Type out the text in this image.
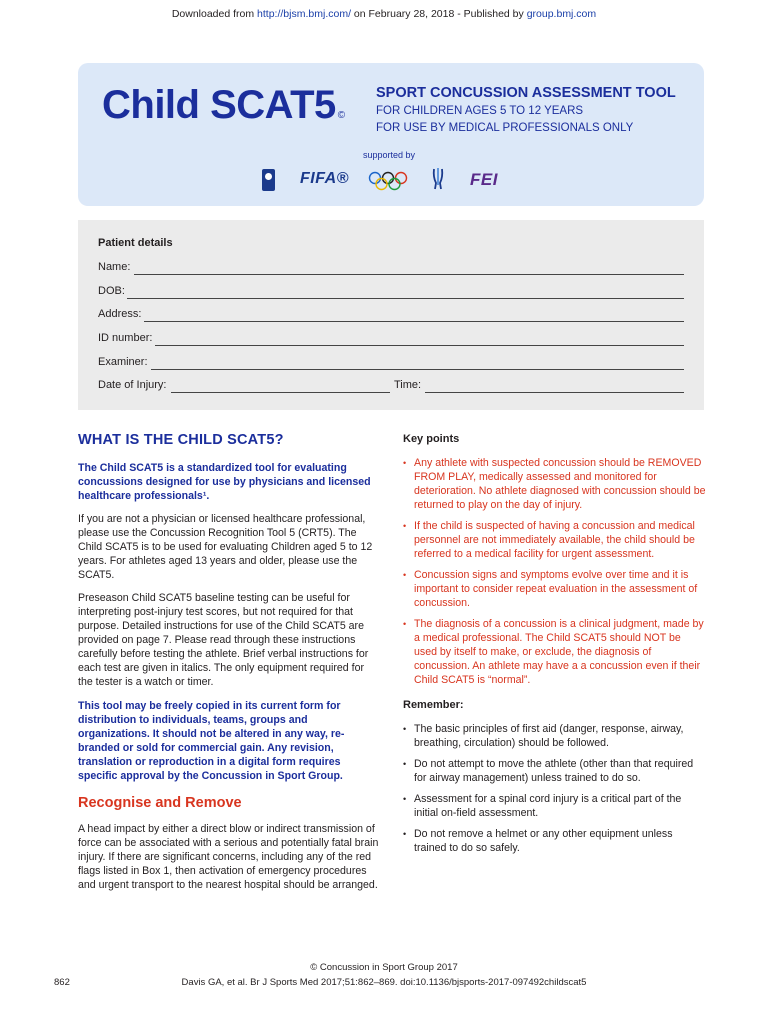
Downloaded from http://bjsm.bmj.com/ on February 28, 2018 - Published by group.bmj.com
Child SCAT5 ©
SPORT CONCUSSION ASSESSMENT TOOL
FOR CHILDREN AGES 5 TO 12 YEARS
FOR USE BY MEDICAL PROFESSIONALS ONLY
supported by
FIFA®	FEI
Patient details
Name:
DOB:
Address:
ID number:
Examiner:
Date of Injury:	Time:
WHAT IS THE CHILD SCAT5?
The Child SCAT5 is a standardized tool for evaluating concussions designed for use by physicians and licensed healthcare professionals¹.
If you are not a physician or licensed healthcare professional, please use the Concussion Recognition Tool 5 (CRT5). The Child SCAT5 is to be used for evaluating Children aged 5 to 12 years. For athletes aged 13 years and older, please use the SCAT5.
Preseason Child SCAT5 baseline testing can be useful for interpreting post-injury test scores, but not required for that purpose. Detailed instructions for use of the Child SCAT5 are provided on page 7. Please read through these instructions carefully before testing the athlete. Brief verbal instructions for each test are given in italics. The only equipment required for the tester is a watch or timer.
This tool may be freely copied in its current form for distribution to individuals, teams, groups and organizations. It should not be altered in any way, re-branded or sold for commercial gain. Any revision, translation or reproduction in a digital form requires specific approval by the Concussion in Sport Group.
Recognise and Remove
A head impact by either a direct blow or indirect transmission of force can be associated with a serious and potentially fatal brain injury. If there are significant concerns, including any of the red flags listed in Box 1, then activation of emergency procedures and urgent transport to the nearest hospital should be arranged.
Key points
• Any athlete with suspected concussion should be REMOVED FROM PLAY, medically assessed and monitored for deterioration. No athlete diagnosed with concussion should be returned to play on the day of injury.
• If the child is suspected of having a concussion and medical personnel are not immediately available, the child should be referred to a medical facility for urgent assessment.
• Concussion signs and symptoms evolve over time and it is important to consider repeat evaluation in the assessment of concussion.
• The diagnosis of a concussion is a clinical judgment, made by a medical professional. The Child SCAT5 should NOT be used by itself to make, or exclude, the diagnosis of concussion. An athlete may have a a concussion even if their Child SCAT5 is “normal”.
Remember:
• The basic principles of first aid (danger, response, airway, breathing, circulation) should be followed.
• Do not attempt to move the athlete (other than that required for airway management) unless trained to do so.
• Assessment for a spinal cord injury is a critical part of the initial on-field assessment.
• Do not remove a helmet or any other equipment unless trained to do so safely.
© Concussion in Sport Group 2017
862	Davis GA, et al. Br J Sports Med 2017;51:862–869. doi:10.1136/bjsports-2017-097492childscat5
